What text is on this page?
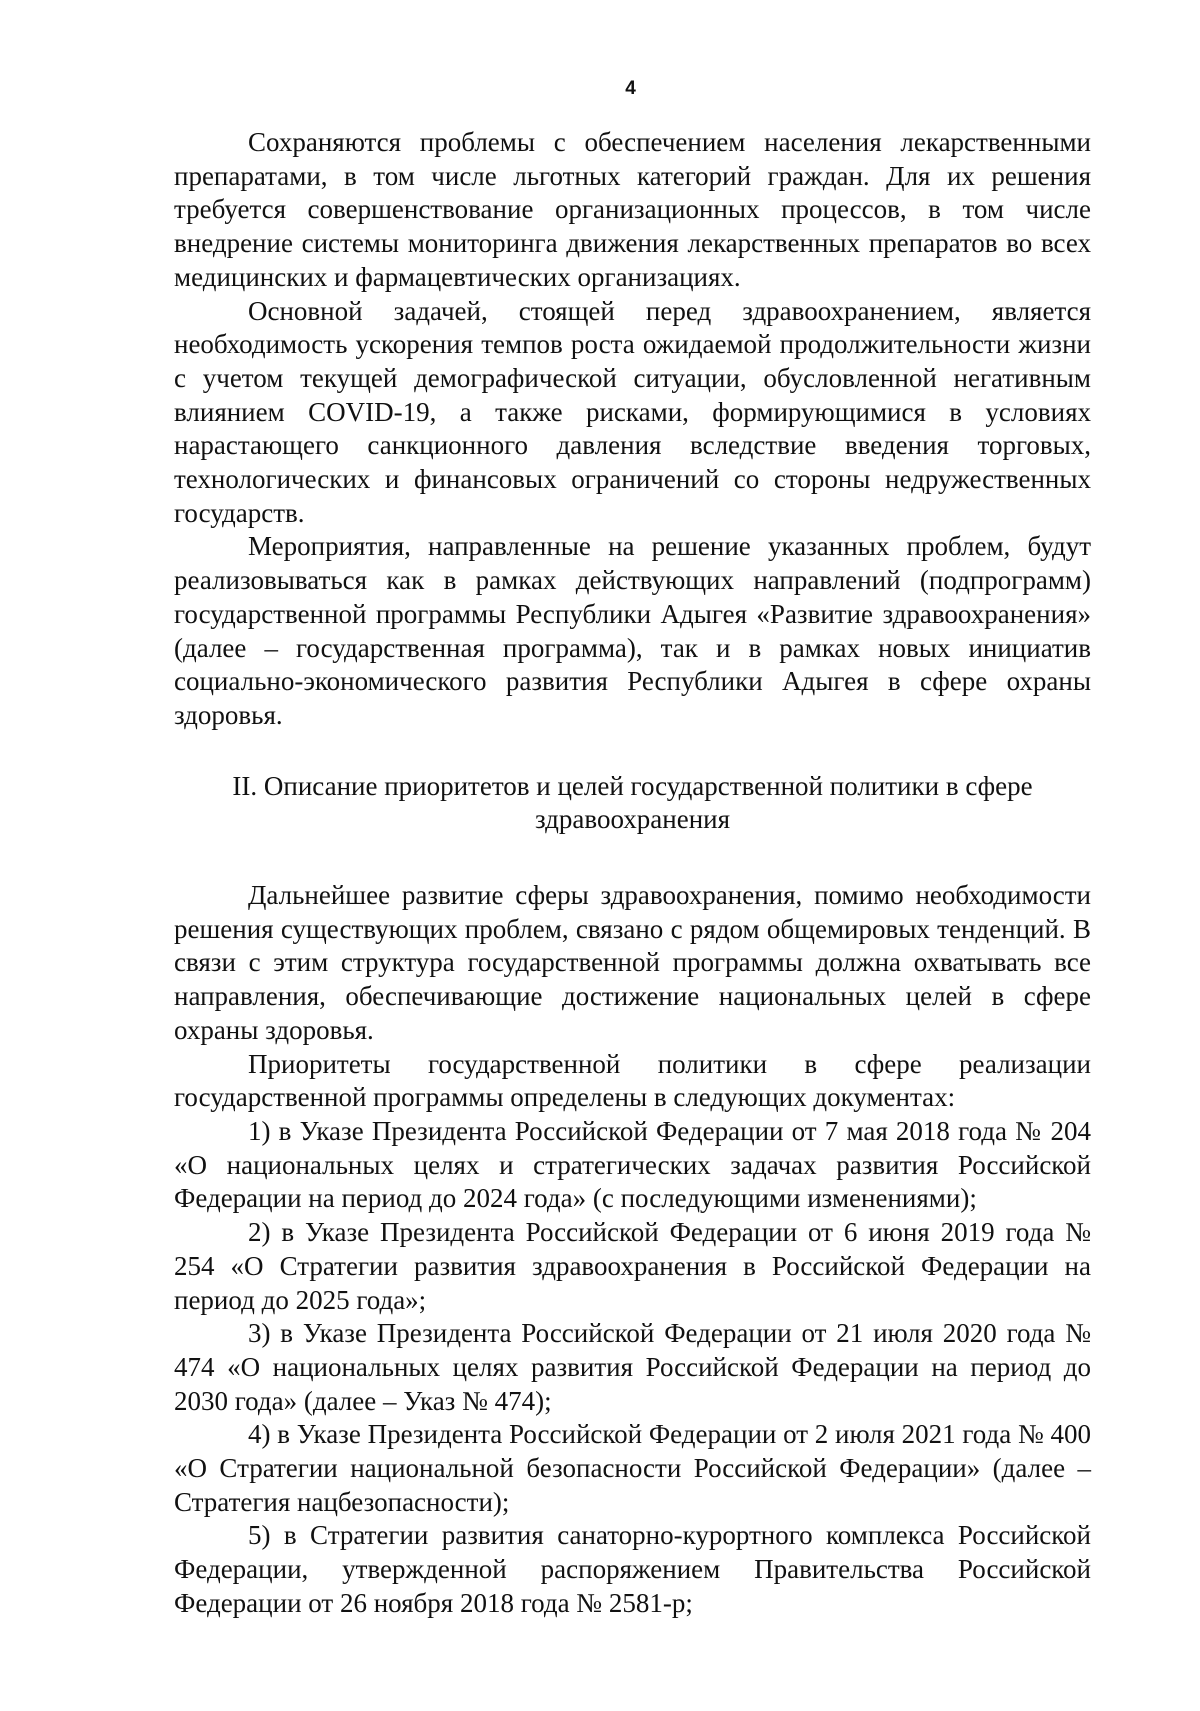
4

Сохраняются проблемы с обеспечением населения лекарственными препаратами, в том числе льготных категорий граждан. Для их решения требуется совершенствование организационных процессов, в том числе внедрение системы мониторинга движения лекарственных препаратов во всех медицинских и фармацевтических организациях.

Основной задачей, стоящей перед здравоохранением, является необходимость ускорения темпов роста ожидаемой продолжительности жизни с учетом текущей демографической ситуации, обусловленной негативным влиянием COVID-19, а также рисками, формирующимися в условиях нарастающего санкционного давления вследствие введения торговых, технологических и финансовых ограничений со стороны недружественных государств.

Мероприятия, направленные на решение указанных проблем, будут реализовываться как в рамках действующих направлений (подпрограмм) государственной программы Республики Адыгея «Развитие здравоохранения» (далее – государственная программа), так и в рамках новых инициатив социально-экономического развития Республики Адыгея в сфере охраны здоровья.

II. Описание приоритетов и целей государственной политики в сфере
здравоохранения

Дальнейшее развитие сферы здравоохранения, помимо необходимости решения существующих проблем, связано с рядом общемировых тенденций. В связи с этим структура государственной программы должна охватывать все направления, обеспечивающие достижение национальных целей в сфере охраны здоровья.

Приоритеты государственной политики в сфере реализации государственной программы определены в следующих документах:

1) в Указе Президента Российской Федерации от 7 мая 2018 года № 204 «О национальных целях и стратегических задачах развития Российской Федерации на период до 2024 года» (с последующими изменениями);

2) в Указе Президента Российской Федерации от 6 июня 2019 года № 254 «О Стратегии развития здравоохранения в Российской Федерации на период до 2025 года»;

3) в Указе Президента Российской Федерации от 21 июля 2020 года № 474 «О национальных целях развития Российской Федерации на период до 2030 года» (далее – Указ № 474);

4) в Указе Президента Российской Федерации от 2 июля 2021 года № 400 «О Стратегии национальной безопасности Российской Федерации» (далее – Стратегия нацбезопасности);

5) в Стратегии развития санаторно-курортного комплекса Российской Федерации, утвержденной распоряжением Правительства Российской Федерации от 26 ноября 2018 года № 2581-р;
